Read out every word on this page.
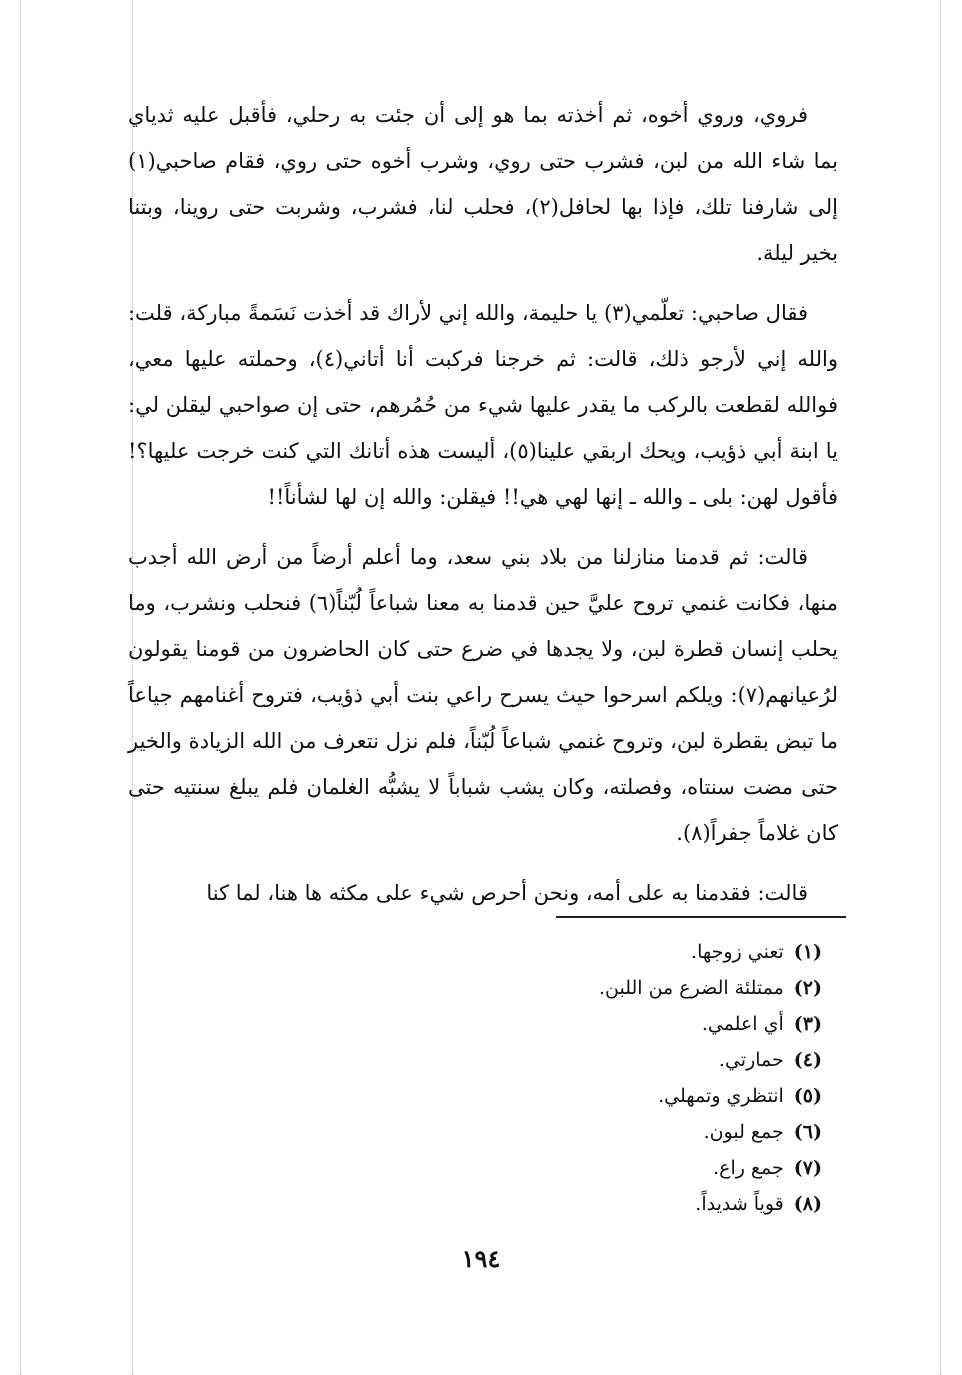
فروي، وروي أخوه، ثم أخذته بما هو إلى أن جئت به رحلي، فأقبل عليه ثدياي بما شاء الله من لبن، فشرب حتى روي، وشرب أخوه حتى روي، فقام صاحبي(١) إلى شارفنا تلك، فإذا بها لحافل(٢)، فحلب لنا، فشرب، وشربت حتى روينا، وبتنا بخير ليلة.

فقال صاحبي: تعلّمي(٣) يا حليمة، والله إني لأراك قد أخذت نَسَمةً مباركة، قلت: والله إني لأرجو ذلك، قالت: ثم خرجنا فركبت أنا أتاني(٤)، وحملته عليها معي، فوالله لقطعت بالركب ما يقدر عليها شيء من حُمُرهم، حتى إن صواحبي ليقلن لي: يا ابنة أبي ذؤيب، ويحك اربقي علينا(٥)، أليست هذه أتانك التي كنت خرجت عليها؟! فأقول لهن: بلى ـ والله ـ إنها لهي هي!! فيقلن: والله إن لها لشأناً!!

قالت: ثم قدمنا منازلنا من بلاد بني سعد، وما أعلم أرضاً من أرض الله أجدب منها، فكانت غنمي تروح عليَّ حين قدمنا به معنا شباعاً لُبّناً(٦) فنحلب ونشرب، وما يحلب إنسان قطرة لبن، ولا يجدها في ضرع حتى كان الحاضرون من قومنا يقولون لرُعيانهم(٧): ويلكم اسرحوا حيث يسرح راعي بنت أبي ذؤيب، فتروح أغنامهم جياعاً ما تبض بقطرة لبن، وتروح غنمي شباعاً لُبّناً، فلم نزل نتعرف من الله الزيادة والخير حتى مضت سنتاه، وفصلته، وكان يشب شباباً لا يشبُّه الغلمان فلم يبلغ سنتيه حتى كان غلاماً جفراً(٨).

قالت: فقدمنا به على أمه، ونحن أحرص شيء على مكثه ها هنا، لما كنا

(١)تعني زوجها.
(٢)ممتلئة الضرع من اللبن.
(٣)أي اعلمي.
(٤)حمارتي.
(٥)انتظري وتمهلي.
(٦)جمع لبون.
(٧)جمع راع.
(٨)قوياً شديداً.
١٩٤
